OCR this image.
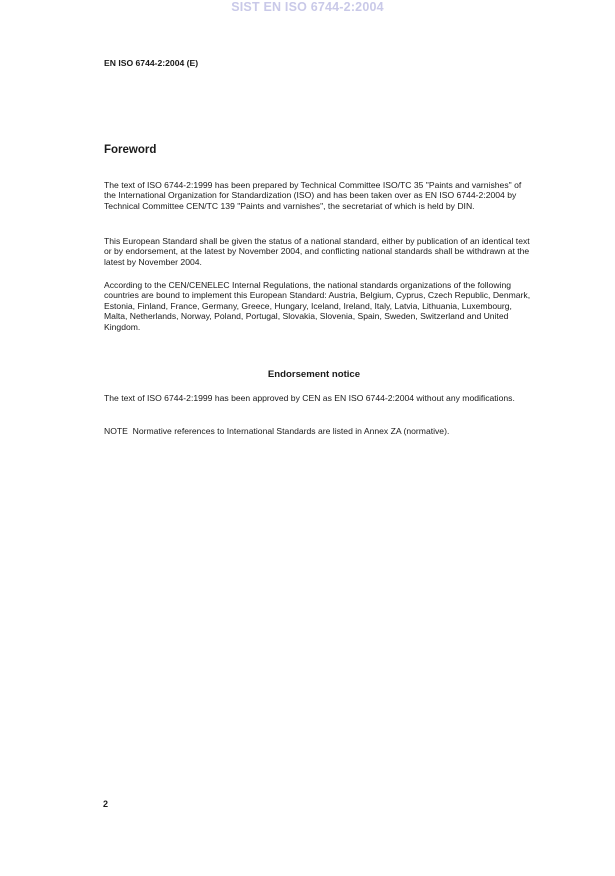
SIST EN ISO 6744-2:2004
EN ISO 6744-2:2004 (E)
Foreword

The text of ISO 6744-2:1999 has been prepared by Technical Committee ISO/TC 35 "Paints and varnishes" of the International Organization for Standardization (ISO) and has been taken over as EN ISO 6744-2:2004 by Technical Committee CEN/TC 139 "Paints and varnishes", the secretariat of which is held by DIN.

This European Standard shall be given the status of a national standard, either by publication of an identical text or by endorsement, at the latest by November 2004, and conflicting national standards shall be withdrawn at the latest by November 2004.

According to the CEN/CENELEC Internal Regulations, the national standards organizations of the following countries are bound to implement this European Standard: Austria, Belgium, Cyprus, Czech Republic, Denmark, Estonia, Finland, France, Germany, Greece, Hungary, Iceland, Ireland, Italy, Latvia, Lithuania, Luxembourg, Malta, Netherlands, Norway, Poland, Portugal, Slovakia, Slovenia, Spain, Sweden, Switzerland and United Kingdom.

Endorsement notice

The text of ISO 6744-2:1999 has been approved by CEN as EN ISO 6744-2:2004 without any modifications.

NOTE  Normative references to International Standards are listed in Annex ZA (normative).

2
